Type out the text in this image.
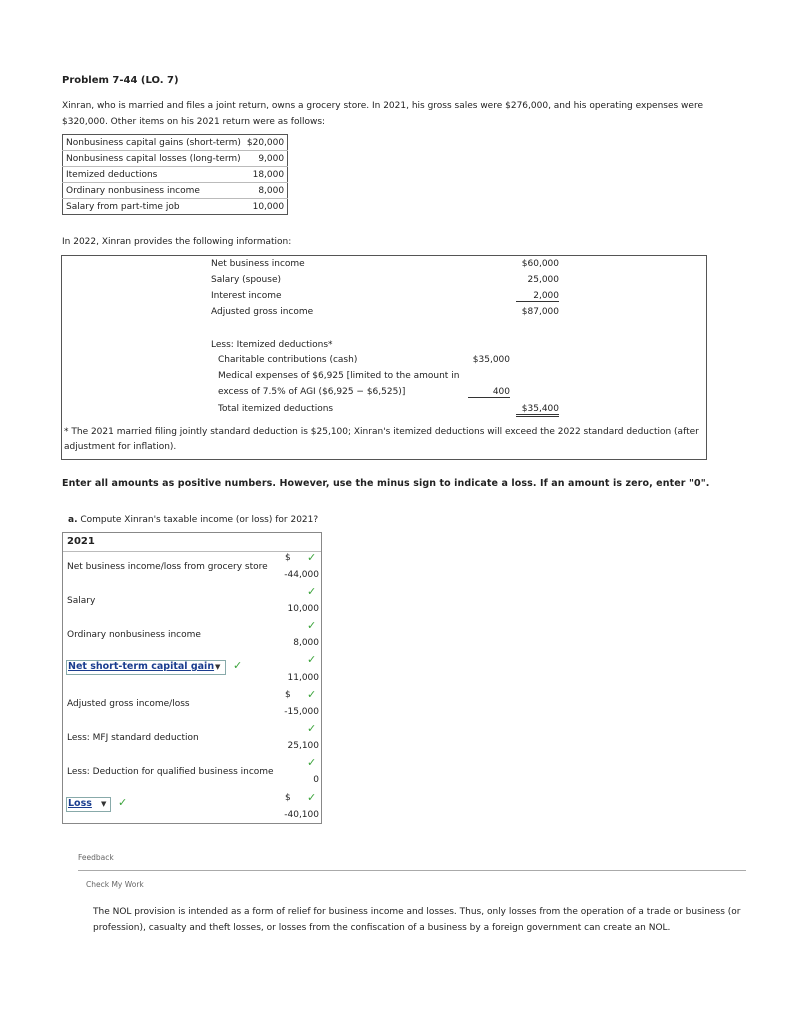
Problem 7-44 (LO. 7)
Xinran, who is married and files a joint return, owns a grocery store. In 2021, his gross sales were $276,000, and his operating expenses were $320,000. Other items on his 2021 return were as follows:
Nonbusiness capital gains (short-term)	$20,000
Nonbusiness capital losses (long-term)	9,000
Itemized deductions	18,000
Ordinary nonbusiness income	8,000
Salary from part-time job	10,000
In 2022, Xinran provides the following information:
Net business income	$60,000
Salary (spouse)	25,000
Interest income	2,000
Adjusted gross income	$87,000
Less: Itemized deductions*
Charitable contributions (cash)	$35,000
Medical expenses of $6,925 [limited to the amount in
excess of 7.5% of AGI ($6,925 − $6,525)]	400
Total itemized deductions	$35,400
* The 2021 married filing jointly standard deduction is $25,100; Xinran's itemized deductions will exceed the 2022 standard deduction (after adjustment for inflation).
Enter all amounts as positive numbers. However, use the minus sign to indicate a loss. If an amount is zero, enter "0".
a. Compute Xinran's taxable income (or loss) for 2021?
2021
Net business income/loss from grocery store
$ ✓
-44,000
Salary
✓
10,000
Ordinary nonbusiness income
✓
8,000
Net short-term capital gain ▼ ✓	✓
11,000
Adjusted gross income/loss
$ ✓
-15,000
Less: MFJ standard deduction
✓
25,100
Less: Deduction for qualified business income
✓
0
Loss ▼ ✓	$ ✓
-40,100
Feedback
Check My Work
The NOL provision is intended as a form of relief for business income and losses. Thus, only losses from the operation of a trade or business (or profession), casualty and theft losses, or losses from the confiscation of a business by a foreign government can create an NOL.
